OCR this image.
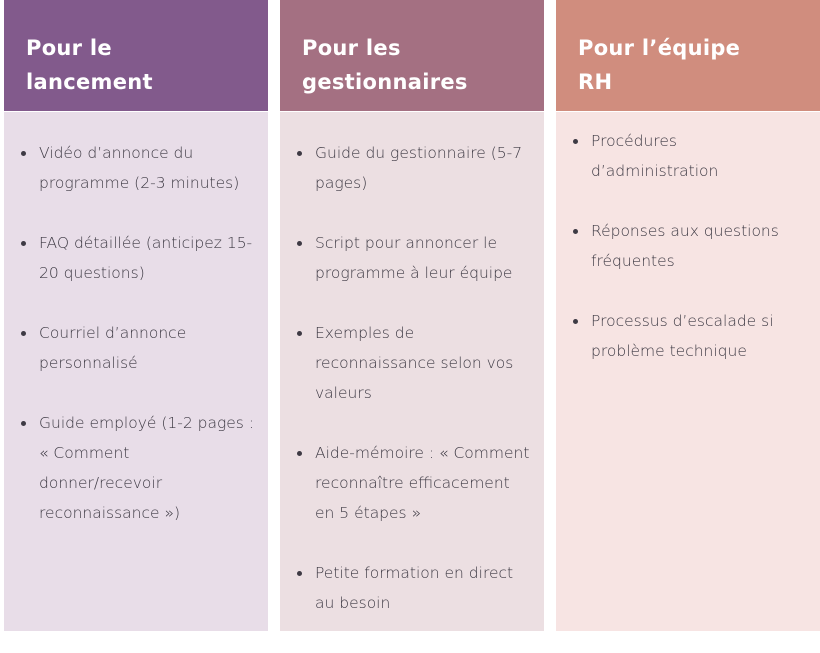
Pour le
lancement
Vidéo d’annonce du programme (2-3 minutes)
FAQ détaillée (anticipez 15-20 questions)
Courriel d’annonce personnalisé
Guide employé (1-2 pages : « Comment donner/recevoir reconnaissance »)
Pour les
gestionnaires
Guide du gestionnaire (5-7 pages)
Script pour annoncer le programme à leur équipe
Exemples de reconnaissance selon vos valeurs
Aide-mémoire : « Comment reconnaître efficacement en 5 étapes »
Petite formation en direct au besoin
Pour l’équipe
RH
Procédures d’administration
Réponses aux questions fréquentes
Processus d’escalade si problème technique
